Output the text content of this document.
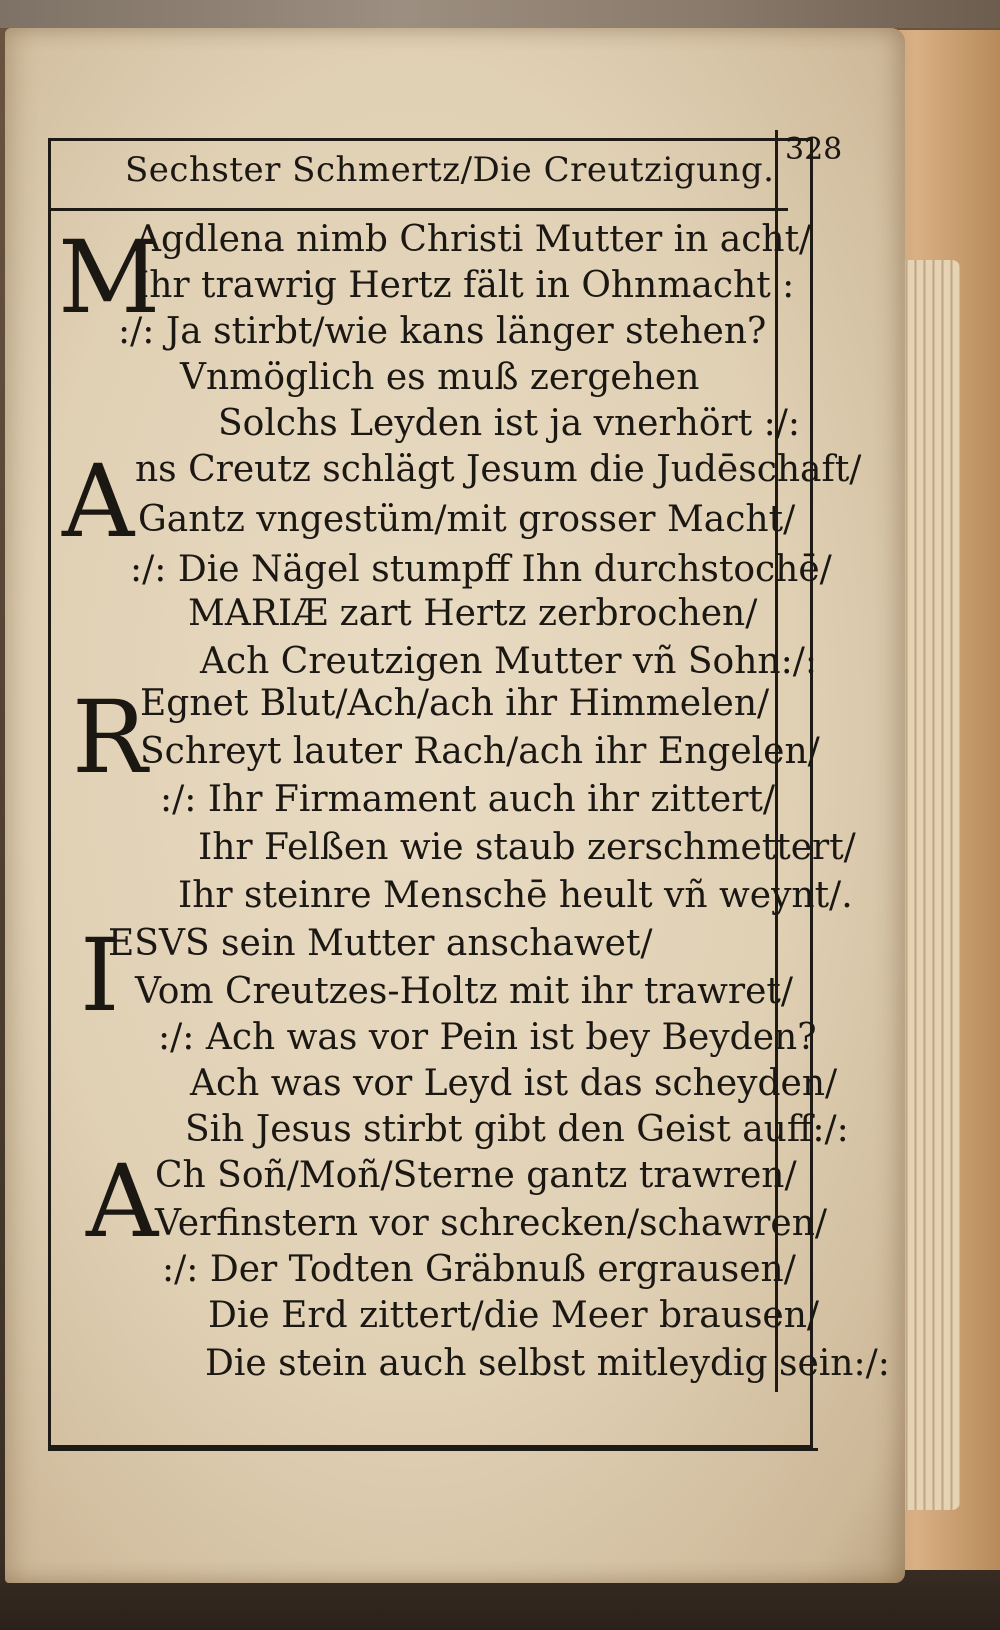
Sechster Schmertz/Die Creutzigung.
328
M
Agdlena nimb Christi Mutter in acht/
Ihr trawrig Hertz fält in Ohnmacht :
:/: Ja stirbt/wie kans länger stehen?
Vnmöglich es muß zergehen
Solchs Leyden ist ja vnerhört :/:
A ns Creutz schlägt Jesum die Judēschaft/
Gantz vngestüm/mit grosser Macht/
:/: Die Nägel stumpff Ihn durchstochē/
MARIÆ zart Hertz zerbrochen/
Ach Creutzigen Mutter vñ Sohn:/:
R
Egnet Blut/Ach/ach ihr Himmelen/
Schreyt lauter Rach/ach ihr Engelen/
:/: Ihr Firmament auch ihr zittert/
Ihr Felßen wie staub zerschmettert/
Ihr steinre Menschē heult vñ weynt/.
I
ESVS sein Mutter anschawet/
Vom Creutzes-Holtz mit ihr trawret/
:/: Ach was vor Pein ist bey Beyden?
Ach was vor Leyd ist das scheyden/
Sih Jesus stirbt gibt den Geist auff:/:
A
Ch Soñ/Moñ/Sterne gantz trawren/
Verfinstern vor schrecken/schawren/
:/: Der Todten Gräbnuß ergrausen/
Die Erd zittert/die Meer brausen/
Die stein auch selbst mitleydig sein:/:
